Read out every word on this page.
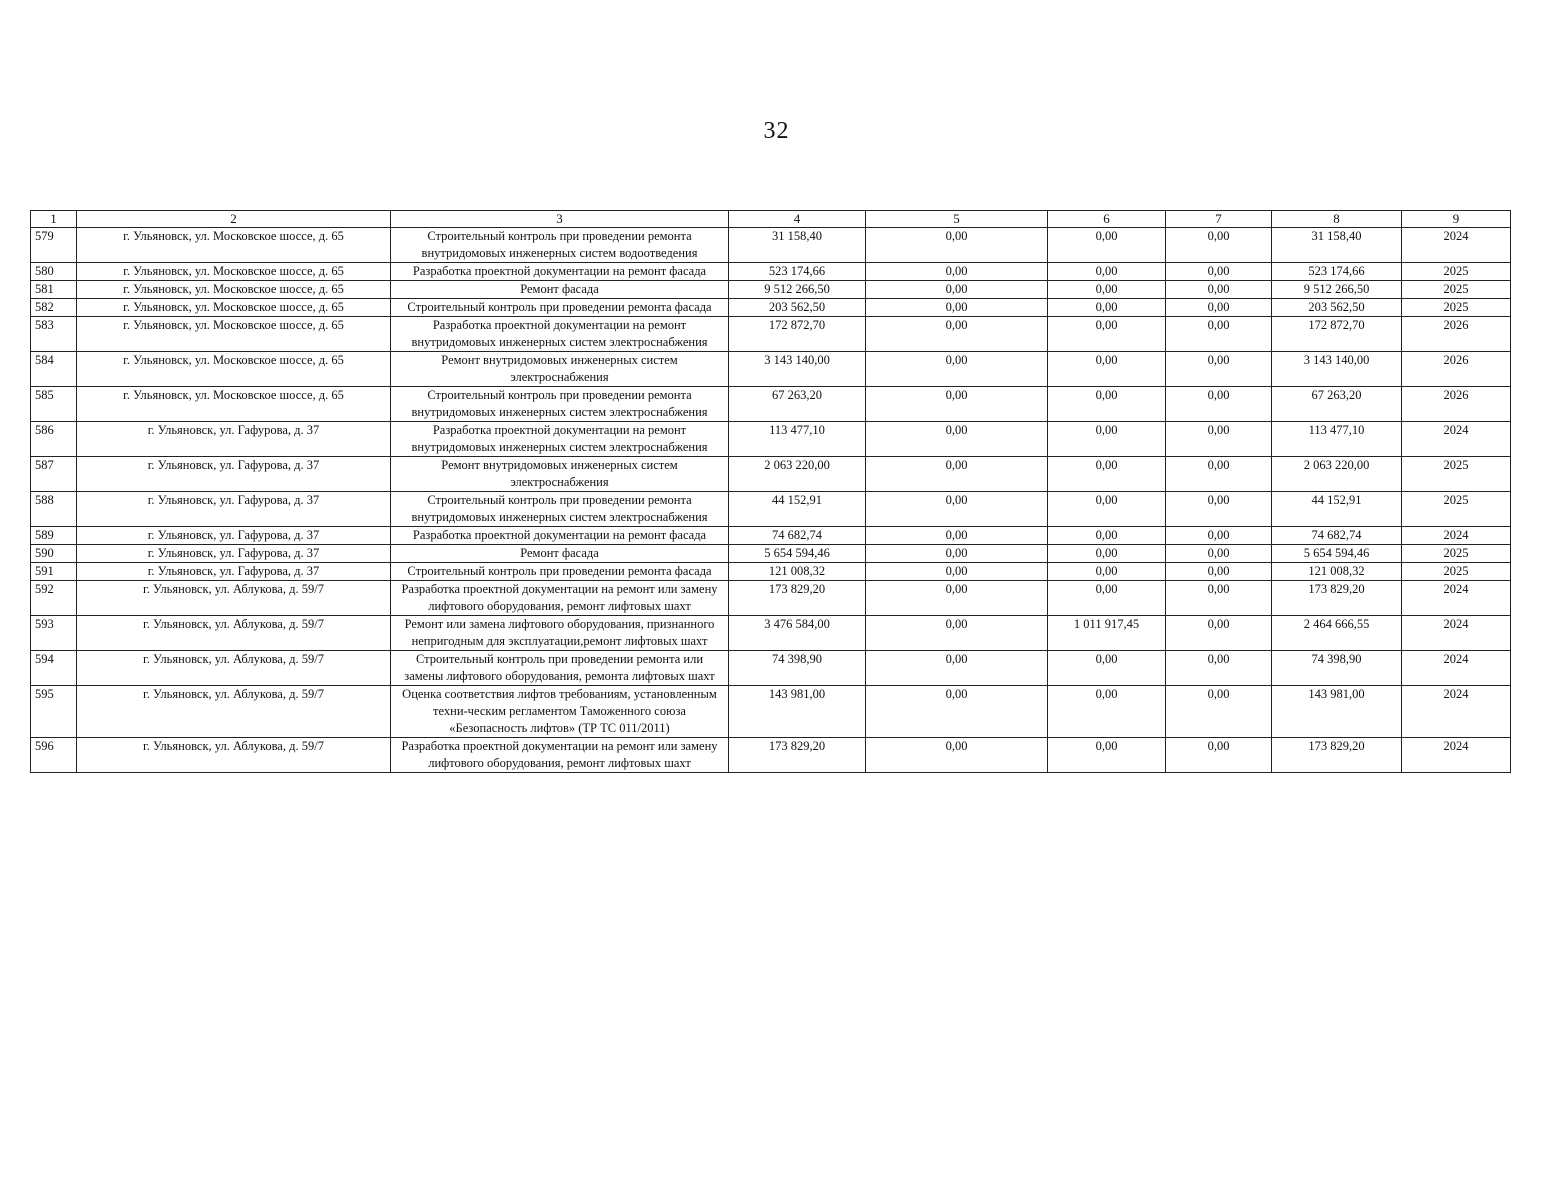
32
1	2	3	4	5	6	7	8	9
579	г. Ульяновск, ул. Московское шоссе, д. 65	Строительный контроль при проведении ремонта внутридомовых инженерных систем водоотведения	31 158,40	0,00	0,00	0,00	31 158,40	2024
580	г. Ульяновск, ул. Московское шоссе, д. 65	Разработка проектной документации на ремонт фасада	523 174,66	0,00	0,00	0,00	523 174,66	2025
581	г. Ульяновск, ул. Московское шоссе, д. 65	Ремонт фасада	9 512 266,50	0,00	0,00	0,00	9 512 266,50	2025
582	г. Ульяновск, ул. Московское шоссе, д. 65	Строительный контроль при проведении ремонта фасада	203 562,50	0,00	0,00	0,00	203 562,50	2025
583	г. Ульяновск, ул. Московское шоссе, д. 65	Разработка проектной документации на ремонт внутридомовых инженерных систем электроснабжения	172 872,70	0,00	0,00	0,00	172 872,70	2026
584	г. Ульяновск, ул. Московское шоссе, д. 65	Ремонт внутридомовых инженерных систем электроснабжения	3 143 140,00	0,00	0,00	0,00	3 143 140,00	2026
585	г. Ульяновск, ул. Московское шоссе, д. 65	Строительный контроль при проведении ремонта внутридомовых инженерных систем электроснабжения	67 263,20	0,00	0,00	0,00	67 263,20	2026
586	г. Ульяновск, ул. Гафурова, д. 37	Разработка проектной документации на ремонт внутридомовых инженерных систем электроснабжения	113 477,10	0,00	0,00	0,00	113 477,10	2024
587	г. Ульяновск, ул. Гафурова, д. 37	Ремонт внутридомовых инженерных систем электроснабжения	2 063 220,00	0,00	0,00	0,00	2 063 220,00	2025
588	г. Ульяновск, ул. Гафурова, д. 37	Строительный контроль при проведении ремонта внутридомовых инженерных систем электроснабжения	44 152,91	0,00	0,00	0,00	44 152,91	2025
589	г. Ульяновск, ул. Гафурова, д. 37	Разработка проектной документации на ремонт фасада	74 682,74	0,00	0,00	0,00	74 682,74	2024
590	г. Ульяновск, ул. Гафурова, д. 37	Ремонт фасада	5 654 594,46	0,00	0,00	0,00	5 654 594,46	2025
591	г. Ульяновск, ул. Гафурова, д. 37	Строительный контроль при проведении ремонта фасада	121 008,32	0,00	0,00	0,00	121 008,32	2025
592	г. Ульяновск, ул. Аблукова, д. 59/7	Разработка проектной документации на ремонт или замену лифтового оборудования, ремонт лифтовых шахт	173 829,20	0,00	0,00	0,00	173 829,20	2024
593	г. Ульяновск, ул. Аблукова, д. 59/7	Ремонт или замена лифтового оборудования, признанного непригодным для эксплуатации,ремонт лифтовых шахт	3 476 584,00	0,00	1 011 917,45	0,00	2 464 666,55	2024
594	г. Ульяновск, ул. Аблукова, д. 59/7	Строительный контроль при проведении ремонта или замены лифтового оборудования, ремонта лифтовых шахт	74 398,90	0,00	0,00	0,00	74 398,90	2024
595	г. Ульяновск, ул. Аблукова, д. 59/7	Оценка соответствия лифтов требованиям, установленным техни-ческим регламентом Таможенного союза «Безопасность лифтов» (ТР ТС 011/2011)	143 981,00	0,00	0,00	0,00	143 981,00	2024
596	г. Ульяновск, ул. Аблукова, д. 59/7	Разработка проектной документации на ремонт или замену лифтового оборудования, ремонт лифтовых шахт	173 829,20	0,00	0,00	0,00	173 829,20	2024
